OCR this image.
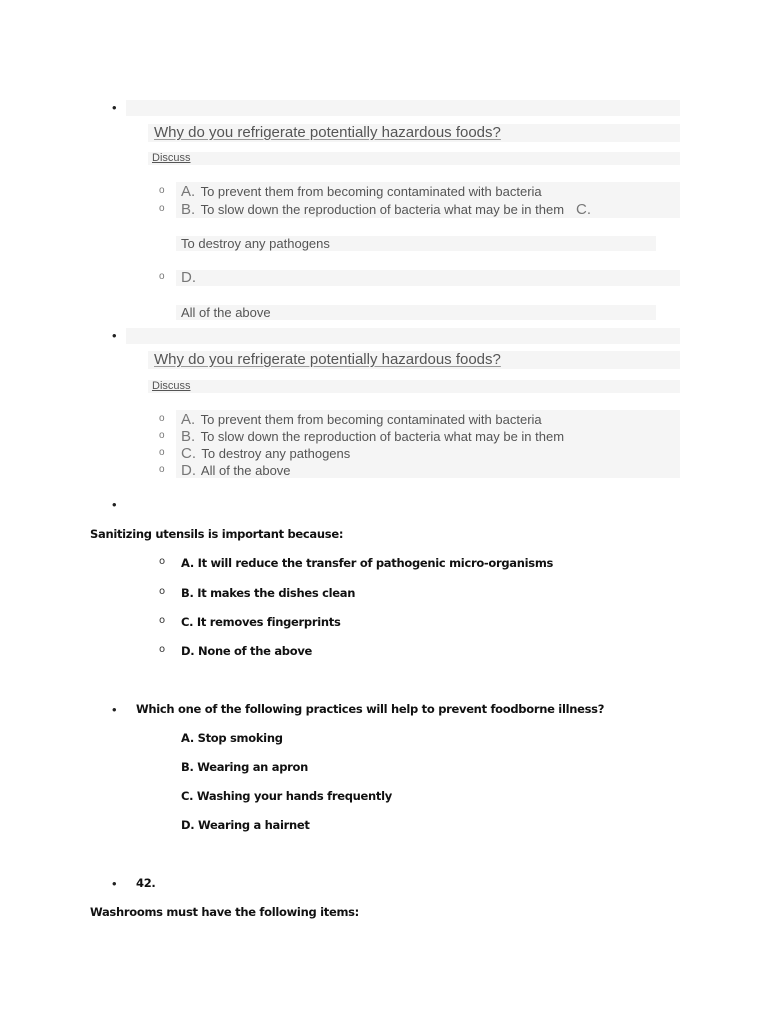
•
Why do you refrigerate potentially hazardous foods?
Discuss
o A. To prevent them from becoming contaminated with bacteria
o B. To slow down the reproduction of bacteria what may be in them C.
To destroy any pathogens
o D.
All of the above
•
Why do you refrigerate potentially hazardous foods?
Discuss
o A. To prevent them from becoming contaminated with bacteria
o B. To slow down the reproduction of bacteria what may be in them
o C. To destroy any pathogens
o D. All of the above
•
Sanitizing utensils is important because:
o A. It will reduce the transfer of pathogenic micro-organisms
o B. It makes the dishes clean
o C. It removes fingerprints
o D. None of the above
• Which one of the following practices will help to prevent foodborne illness?
A. Stop smoking
B. Wearing an apron
C. Washing your hands frequently
D. Wearing a hairnet
• 42.
Washrooms must have the following items:
